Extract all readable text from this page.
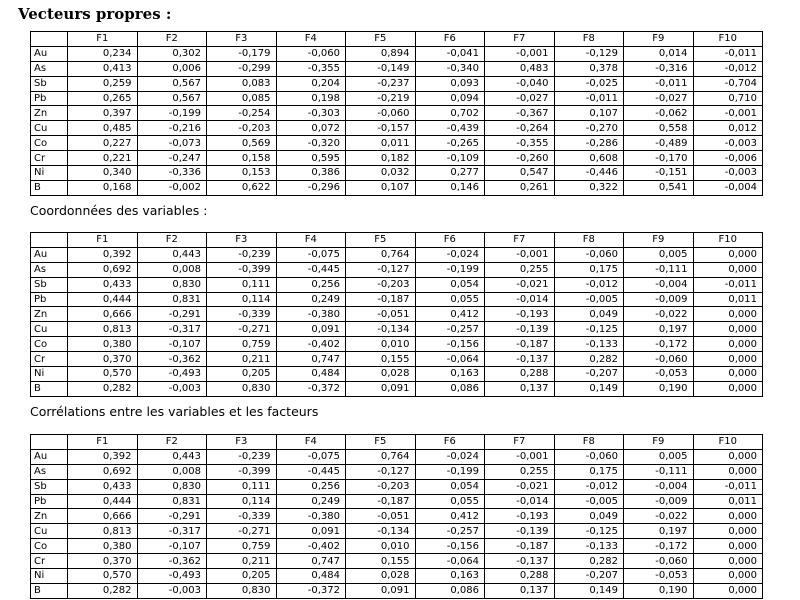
Vecteurs propres :
	F1	F2	F3	F4	F5	F6	F7	F8	F9	F10
Au	0,234	0,302	-0,179	-0,060	0,894	-0,041	-0,001	-0,129	0,014	-0,011
As	0,413	0,006	-0,299	-0,355	-0,149	-0,340	0,483	0,378	-0,316	-0,012
Sb	0,259	0,567	0,083	0,204	-0,237	0,093	-0,040	-0,025	-0,011	-0,704
Pb	0,265	0,567	0,085	0,198	-0,219	0,094	-0,027	-0,011	-0,027	0,710
Zn	0,397	-0,199	-0,254	-0,303	-0,060	0,702	-0,367	0,107	-0,062	-0,001
Cu	0,485	-0,216	-0,203	0,072	-0,157	-0,439	-0,264	-0,270	0,558	0,012
Co	0,227	-0,073	0,569	-0,320	0,011	-0,265	-0,355	-0,286	-0,489	-0,003
Cr	0,221	-0,247	0,158	0,595	0,182	-0,109	-0,260	0,608	-0,170	-0,006
Ni	0,340	-0,336	0,153	0,386	0,032	0,277	0,547	-0,446	-0,151	-0,003
B	0,168	-0,002	0,622	-0,296	0,107	0,146	0,261	0,322	0,541	-0,004
Coordonnées des variables :
	F1	F2	F3	F4	F5	F6	F7	F8	F9	F10
Au	0,392	0,443	-0,239	-0,075	0,764	-0,024	-0,001	-0,060	0,005	0,000
As	0,692	0,008	-0,399	-0,445	-0,127	-0,199	0,255	0,175	-0,111	0,000
Sb	0,433	0,830	0,111	0,256	-0,203	0,054	-0,021	-0,012	-0,004	-0,011
Pb	0,444	0,831	0,114	0,249	-0,187	0,055	-0,014	-0,005	-0,009	0,011
Zn	0,666	-0,291	-0,339	-0,380	-0,051	0,412	-0,193	0,049	-0,022	0,000
Cu	0,813	-0,317	-0,271	0,091	-0,134	-0,257	-0,139	-0,125	0,197	0,000
Co	0,380	-0,107	0,759	-0,402	0,010	-0,156	-0,187	-0,133	-0,172	0,000
Cr	0,370	-0,362	0,211	0,747	0,155	-0,064	-0,137	0,282	-0,060	0,000
Ni	0,570	-0,493	0,205	0,484	0,028	0,163	0,288	-0,207	-0,053	0,000
B	0,282	-0,003	0,830	-0,372	0,091	0,086	0,137	0,149	0,190	0,000
Corrélations entre les variables et les facteurs
	F1	F2	F3	F4	F5	F6	F7	F8	F9	F10
Au	0,392	0,443	-0,239	-0,075	0,764	-0,024	-0,001	-0,060	0,005	0,000
As	0,692	0,008	-0,399	-0,445	-0,127	-0,199	0,255	0,175	-0,111	0,000
Sb	0,433	0,830	0,111	0,256	-0,203	0,054	-0,021	-0,012	-0,004	-0,011
Pb	0,444	0,831	0,114	0,249	-0,187	0,055	-0,014	-0,005	-0,009	0,011
Zn	0,666	-0,291	-0,339	-0,380	-0,051	0,412	-0,193	0,049	-0,022	0,000
Cu	0,813	-0,317	-0,271	0,091	-0,134	-0,257	-0,139	-0,125	0,197	0,000
Co	0,380	-0,107	0,759	-0,402	0,010	-0,156	-0,187	-0,133	-0,172	0,000
Cr	0,370	-0,362	0,211	0,747	0,155	-0,064	-0,137	0,282	-0,060	0,000
Ni	0,570	-0,493	0,205	0,484	0,028	0,163	0,288	-0,207	-0,053	0,000
B	0,282	-0,003	0,830	-0,372	0,091	0,086	0,137	0,149	0,190	0,000
